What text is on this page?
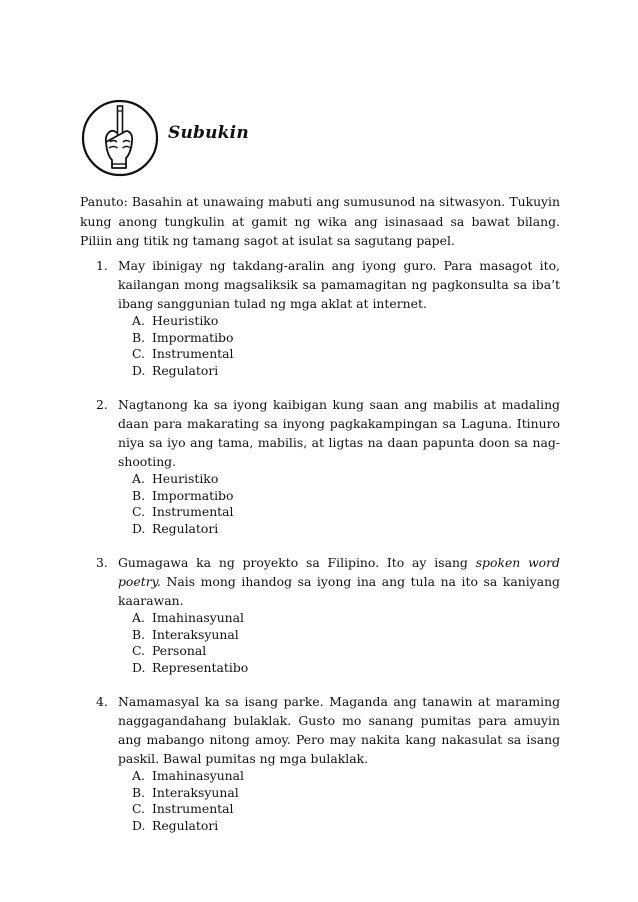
Subukin
Panuto: Basahin at unawaing mabuti ang sumusunod na sitwasyon. Tukuyin kung anong tungkulin at gamit ng wika ang isinasaad sa bawat bilang. Piliin ang titik ng tamang sagot at isulat sa sagutang papel.
1. May ibinigay ng takdang-aralin ang iyong guro. Para masagot ito, kailangan mong magsaliksik sa pamamagitan ng pagkonsulta sa iba’t ibang sanggunian tulad ng mga aklat at internet.
A. Heuristiko
B. Impormatibo
C. Instrumental
D. Regulatori
2. Nagtanong ka sa iyong kaibigan kung saan ang mabilis at madaling daan para makarating sa inyong pagkakampingan sa Laguna. Itinuro niya sa iyo ang tama, mabilis, at ligtas na daan papunta doon sa nag-shooting.
A. Heuristiko
B. Impormatibo
C. Instrumental
D. Regulatori
3. Gumagawa ka ng proyekto sa Filipino. Ito ay isang spoken word poetry. Nais mong ihandog sa iyong ina ang tula na ito sa kaniyang kaarawan.
A. Imahinasyunal
B. Interaksyunal
C. Personal
D. Representatibo
4. Namamasyal ka sa isang parke. Maganda ang tanawin at maraming naggagandahang bulaklak. Gusto mo sanang pumitas para amuyin ang mabango nitong amoy. Pero may nakita kang nakasulat sa isang paskil. Bawal pumitas ng mga bulaklak.
A. Imahinasyunal
B. Interaksyunal
C. Instrumental
D. Regulatori
